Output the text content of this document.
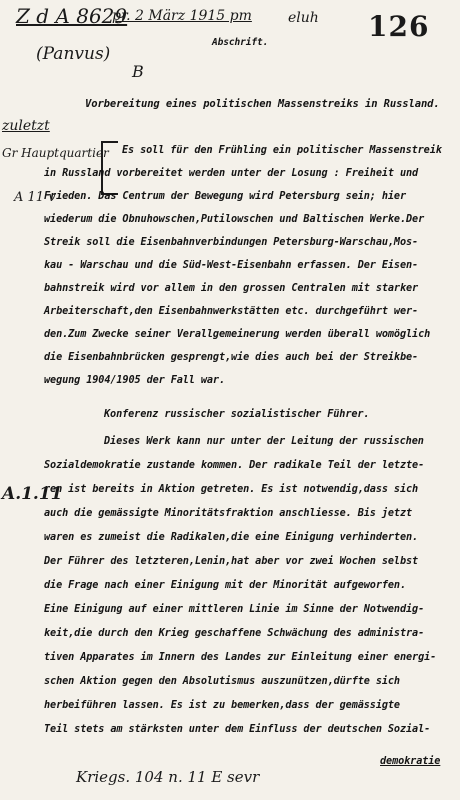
Z d A 8629
pr. 2 März 1915 pm	eluh
(Panvus)
B
126
Abschrift.
Vorbereitung eines politischen Massenstreiks in Russland.
zuletzt
Gr Hauptquartier
A 11 v
A.1.11
Es soll für den Frühling ein politischer Massenstreik
in Russland vorbereitet werden unter der Losung : Freiheit und
Frieden. Das Centrum der Bewegung wird Petersburg sein; hier
wiederum die Obnuhowschen,Putilowschen und Baltischen Werke.Der
Streik soll die Eisenbahnverbindungen Petersburg-Warschau,Mos-
kau - Warschau und die Süd-West-Eisenbahn erfassen. Der Eisen-
bahnstreik wird vor allem in den grossen Centralen mit starker
Arbeiterschaft,den Eisenbahnwerkstätten etc. durchgeführt wer-
den.Zum Zwecke seiner Verallgemeinerung werden überall womöglich
die Eisenbahnbrücken gesprengt,wie dies auch bei der Streikbe-
wegung 1904/1905 der Fall war.
Konferenz russischer sozialistischer Führer.
Dieses Werk kann nur unter der Leitung der russischen
Sozialdemokratie zustande kommen. Der radikale Teil der letzte-
ren ist bereits in Aktion getreten. Es ist notwendig,dass sich
auch die gemässigte Minoritätsfraktion anschliesse. Bis jetzt
waren es zumeist die Radikalen,die eine Einigung verhinderten.
Der Führer des letzteren,Lenin,hat aber vor zwei Wochen selbst
die Frage nach einer Einigung mit der Minorität aufgeworfen.
Eine Einigung auf einer mittleren Linie im Sinne der Notwendig-
keit,die durch den Krieg geschaffene Schwächung des administra-
tiven Apparates im Innern des Landes zur Einleitung einer energi-
schen Aktion gegen den Absolutismus auszunützen,dürfte sich
herbeiführen lassen. Es ist zu bemerken,dass der gemässigte
Teil stets am stärksten unter dem Einfluss der deutschen Sozial-
demokratie
Kriegs. 104 n. 11 E sevr
